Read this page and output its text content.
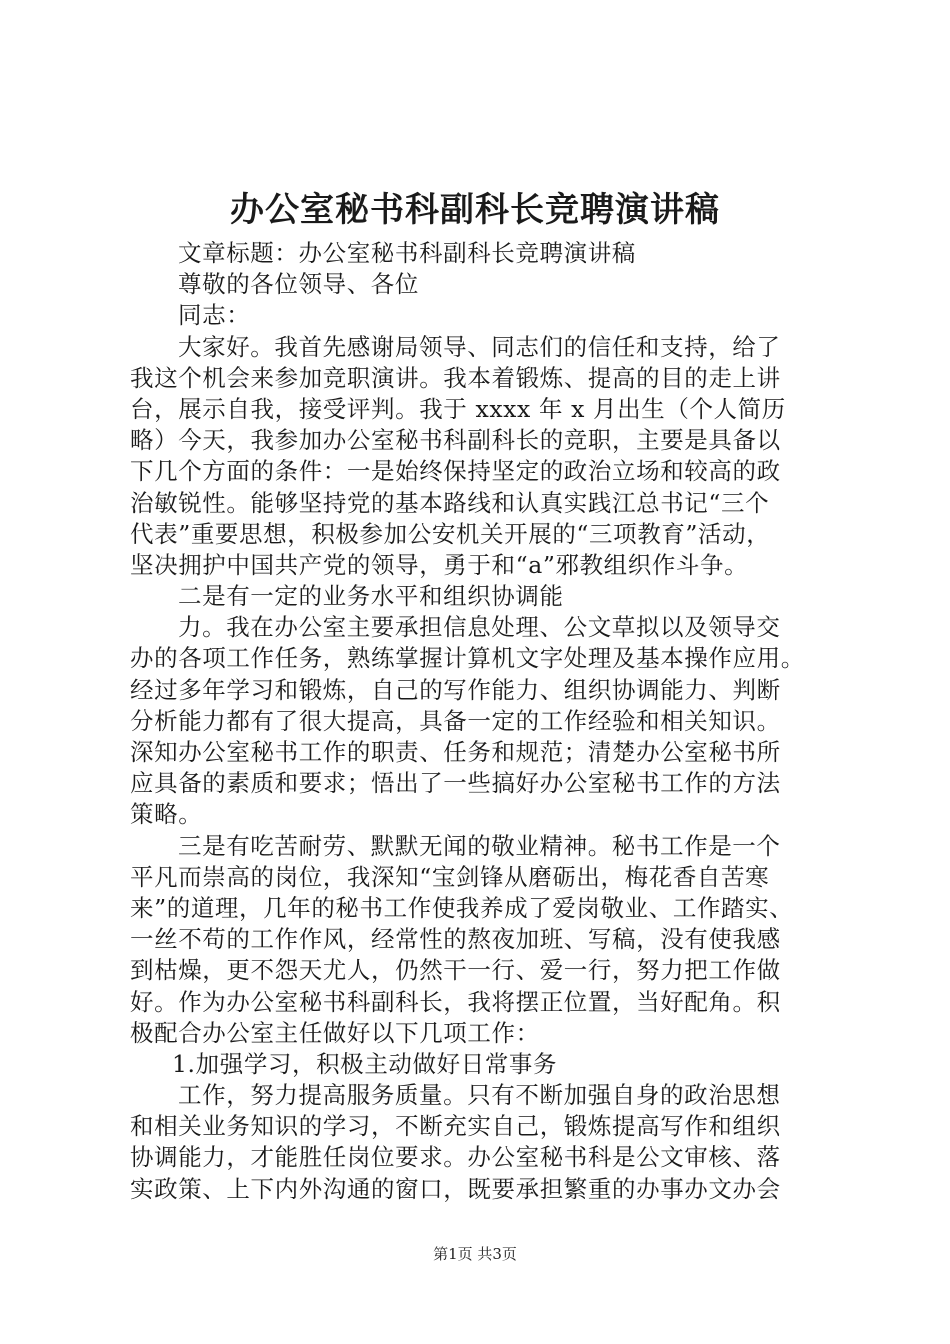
办公室秘书科副科长竞聘演讲稿
文章标题：办公室秘书科副科长竞聘演讲稿
尊敬的各位领导、各位
同志：
大家好。我首先感谢局领导、同志们的信任和支持，给了
我这个机会来参加竞职演讲。我本着锻炼、提高的目的走上讲
台，展示自我，接受评判。我于 xxxx 年 x 月出生（个人简历
略）今天，我参加办公室秘书科副科长的竞职，主要是具备以
下几个方面的条件：一是始终保持坚定的政治立场和较高的政
治敏锐性。能够坚持党的基本路线和认真实践江总书记“三个
代表”重要思想，积极参加公安机关开展的“三项教育”活动，
坚决拥护中国共产党的领导，勇于和“a”邪教组织作斗争。
二是有一定的业务水平和组织协调能
力。我在办公室主要承担信息处理、公文草拟以及领导交
办的各项工作任务，熟练掌握计算机文字处理及基本操作应用。
经过多年学习和锻炼，自己的写作能力、组织协调能力、判断
分析能力都有了很大提高，具备一定的工作经验和相关知识。
深知办公室秘书工作的职责、任务和规范；清楚办公室秘书所
应具备的素质和要求；悟出了一些搞好办公室秘书工作的方法
策略。
三是有吃苦耐劳、默默无闻的敬业精神。秘书工作是一个
平凡而崇高的岗位，我深知“宝剑锋从磨砺出，梅花香自苦寒
来”的道理，几年的秘书工作使我养成了爱岗敬业、工作踏实、
一丝不苟的工作作风，经常性的熬夜加班、写稿，没有使我感
到枯燥，更不怨天尤人，仍然干一行、爱一行，努力把工作做
好。作为办公室秘书科副科长，我将摆正位置，当好配角。积
极配合办公室主任做好以下几项工作：
1.加强学习，积极主动做好日常事务
工作，努力提高服务质量。只有不断加强自身的政治思想
和相关业务知识的学习，不断充实自己，锻炼提高写作和组织
协调能力，才能胜任岗位要求。办公室秘书科是公文审核、落
实政策、上下内外沟通的窗口，既要承担繁重的办事办文办会
第1页 共3页
